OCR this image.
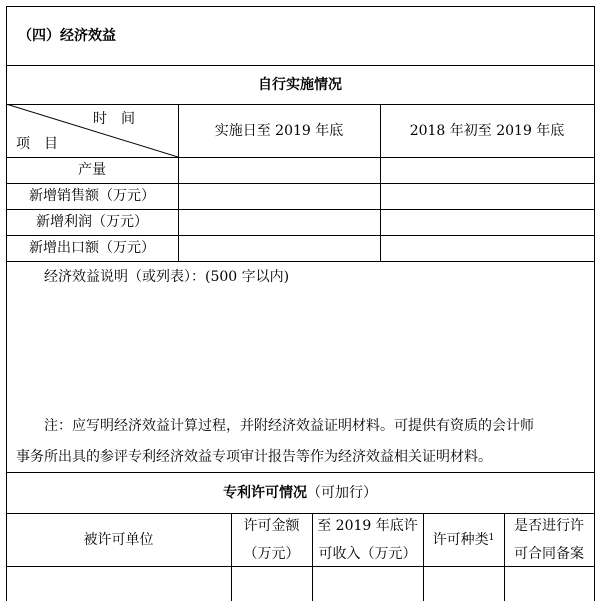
（四）经济效益
自行实施情况
时　间
项　目
实施日至 2019 年底	2018 年初至 2019 年底
产量
新增销售额（万元）
新增利润（万元）
新增出口额（万元）
经济效益说明（或列表）：(500 字以内)
注：应写明经济效益计算过程，并附经济效益证明材料。可提供有资质的会计师
事务所出具的参评专利经济效益专项审计报告等作为经济效益相关证明材料。
专利许可情况（可加行）
被许可单位
许可金额
（万元）
至 2019 年底许
可收入（万元）
许可种类$^1$
是否进行许
可合同备案
